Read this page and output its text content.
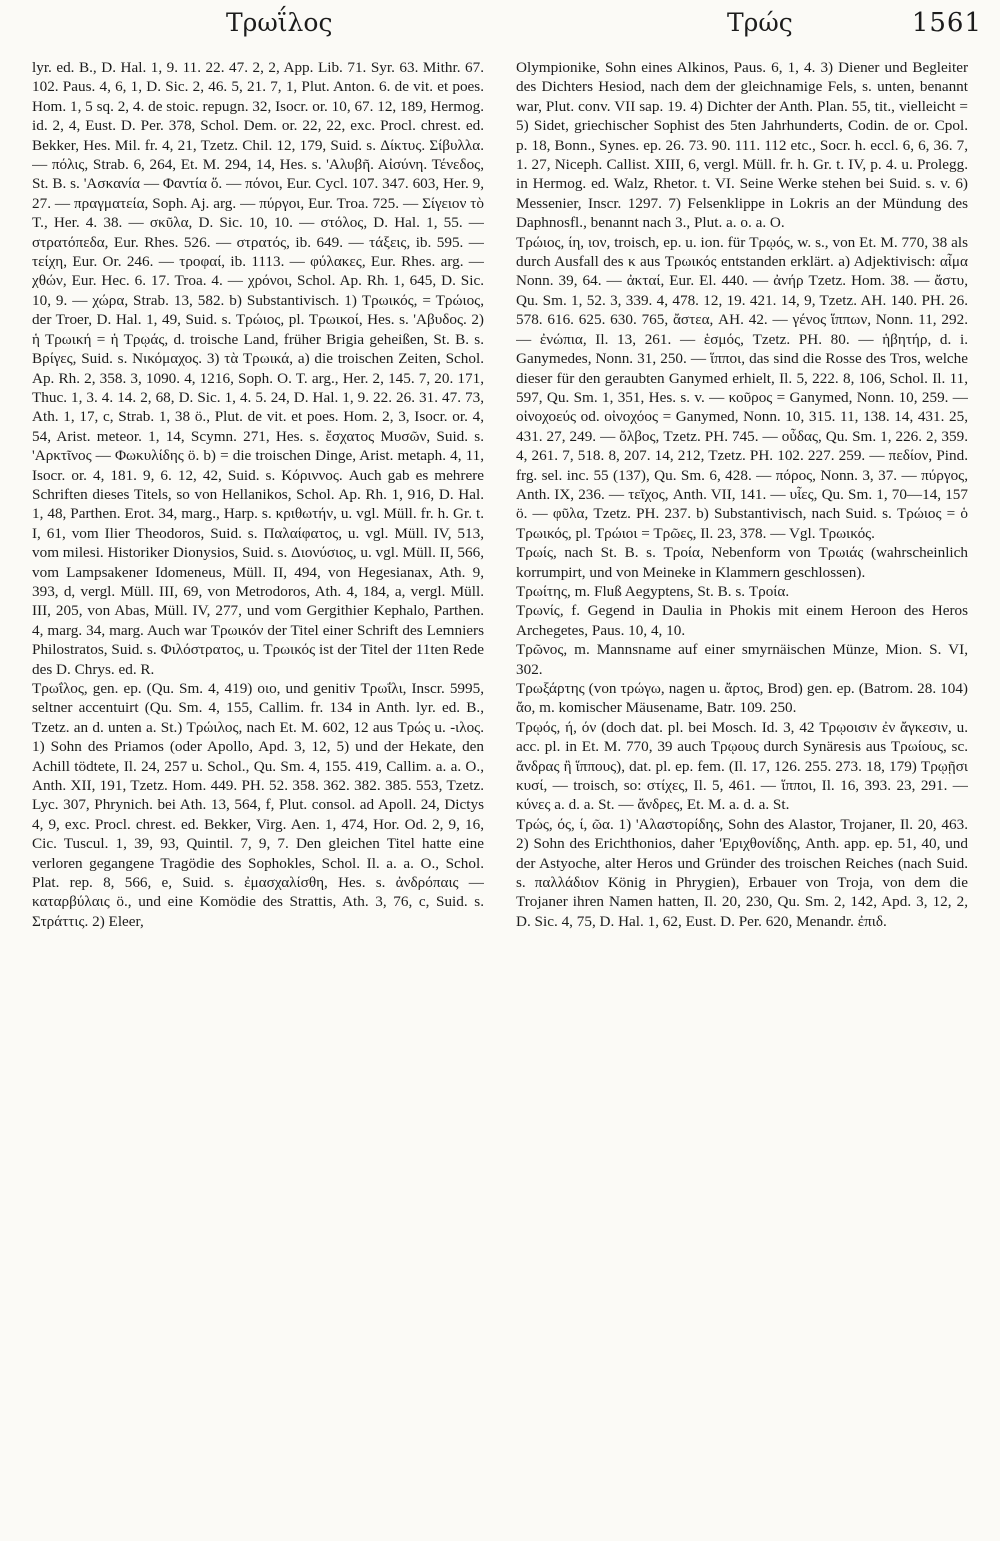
Τρωΐλος	Τρώς	1561

lyr. ed. B., D. Hal. 1, 9. 11. 22. 47. 2, 2, App. Lib. 71. Syr. 63. Mithr. 67. 102. Paus. 4, 6, 1, D. Sic. 2, 46. 5, 21. 7, 1, Plut. Anton. 6. de vit. et poes. Hom. 1, 5 sq. 2, 4. de stoic. repugn. 32, Isocr. or. 10, 67. 12, 189, Hermog. id. 2, 4, Eust. D. Per. 378, Schol. Dem. or. 22, 22, exc. Procl. chrest. ed. Bekker, Hes. Mil. fr. 4, 21, Tzetz. Chil. 12, 179, Suid. s. Δίκτυς. Σίβυλλα. — πόλις, Strab. 6, 264, Et. M. 294, 14, Hes. s. 'Αλυβῆ. Αἰσύνη. Τένεδος, St. B. s. 'Ασκανία — Φαντία ὅ. — πόνοι, Eur. Cycl. 107. 347. 603, Her. 9, 27. — πραγματεία, Soph. Aj. arg. — πύργοι, Eur. Troa. 725. — Σίγειον τὸ Τ., Her. 4. 38. — σκῦλα, D. Sic. 10, 10. — στόλος, D. Hal. 1, 55. — στρατόπεδα, Eur. Rhes. 526. — στρατός, ib. 649. — τάξεις, ib. 595. — τείχη, Eur. Or. 246. — τροφαί, ib. 1113. — φύλακες, Eur. Rhes. arg. — χθών, Eur. Hec. 6. 17. Troa. 4. — χρόνοι, Schol. Ap. Rh. 1, 645, D. Sic. 10, 9. — χώρα, Strab. 13, 582. b) Substantivisch. 1) Τρωικός, = Τρώιος, der Troer, D. Hal. 1, 49, Suid. s. Τρώιος, pl. Τρωικοί, Hes. s. 'Αβυδος. 2) ἡ Τρωική = ἡ Τρῳάς, d. troische Land, früher Brigia geheißen, St. B. s. Βρίγες, Suid. s. Νικόμαχος. 3) τὰ Τρωικά, a) die troischen Zeiten, Schol. Ap. Rh. 2, 358. 3, 1090. 4, 1216, Soph. O. T. arg., Her. 2, 145. 7, 20. 171, Thuc. 1, 3. 4. 14. 2, 68, D. Sic. 1, 4. 5. 24, D. Hal. 1, 9. 22. 26. 31. 47. 73, Ath. 1, 17, c, Strab. 1, 38 ö., Plut. de vit. et poes. Hom. 2, 3, Isocr. or. 4, 54, Arist. meteor. 1, 14, Scymn. 271, Hes. s. ἔσχατος Μυσῶν, Suid. s. 'Αρκτῖνος — Φωκυλίδης ö. b) = die troischen Dinge, Arist. metaph. 4, 11, Isocr. or. 4, 181. 9, 6. 12, 42, Suid. s. Κόριννος. Auch gab es mehrere Schriften dieses Titels, so von Hellanikos, Schol. Ap. Rh. 1, 916, D. Hal. 1, 48, Parthen. Erot. 34, marg., Harp. s. κριθωτήν, u. vgl. Müll. fr. h. Gr. t. I, 61, vom Ilier Theodoros, Suid. s. Παλαίφατος, u. vgl. Müll. IV, 513, vom milesi. Historiker Dionysios, Suid. s. Διονύσιος, u. vgl. Müll. II, 566, vom Lampsakener Idomeneus, Müll. II, 494, von Hegesianax, Ath. 9, 393, d, vergl. Müll. III, 69, von Metrodoros, Ath. 4, 184, a, vergl. Müll. III, 205, von Abas, Müll. IV, 277, und vom Gergithier Kephalo, Parthen. 4, marg. 34, marg. Auch war Τρωικόν der Titel einer Schrift des Lemniers Philostratos, Suid. s. Φιλόστρατος, u. Τρωικός ist der Titel der 11ten Rede des D. Chrys. ed. R.

Τρωΐλος, gen. ep. (Qu. Sm. 4, 419) οιο, und genitiv Τρωΐλι, Inscr. 5995, seltner accentuirt (Qu. Sm. 4, 155, Callim. fr. 134 in Anth. lyr. ed. B., Tzetz. an d. unten a. St.) Τρώιλος, nach Et. M. 602, 12 aus Τρώς u. -ιλος. 1) Sohn des Priamos (oder Apollo, Apd. 3, 12, 5) und der Hekate, den Achill tödtete, Il. 24, 257 u. Schol., Qu. Sm. 4, 155. 419, Callim. a. a. O., Anth. XII, 191, Tzetz. Hom. 449. PH. 52. 358. 362. 382. 385. 553, Tzetz. Lyc. 307, Phrynich. bei Ath. 13, 564, f, Plut. consol. ad Apoll. 24, Dictys 4, 9, exc. Procl. chrest. ed. Bekker, Virg. Aen. 1, 474, Hor. Od. 2, 9, 16, Cic. Tuscul. 1, 39, 93, Quintil. 7, 9, 7. Den gleichen Titel hatte eine verloren gegangene Tragödie des Sophokles, Schol. Il. a. a. O., Schol. Plat. rep. 8, 566, e, Suid. s. ἐμασχαλίσθη, Hes. s. ἀνδρόπαις — καταρβύλαις ö., und eine Komödie des Strattis, Ath. 3, 76, c, Suid. s. Στράττις. 2) Eleer,

Olympionike, Sohn eines Alkinos, Paus. 6, 1, 4. 3) Diener und Begleiter des Dichters Hesiod, nach dem der gleichnamige Fels, s. unten, benannt war, Plut. conv. VII sap. 19. 4) Dichter der Anth. Plan. 55, tit., vielleicht = 5) Sidet, griechischer Sophist des 5ten Jahrhunderts, Codin. de or. Cpol. p. 18, Bonn., Synes. ep. 26. 73. 90. 111. 112 etc., Socr. h. eccl. 6, 6, 36. 7, 1. 27, Niceph. Callist. XIII, 6, vergl. Müll. fr. h. Gr. t. IV, p. 4. u. Prolegg. in Hermog. ed. Walz, Rhetor. t. VI. Seine Werke stehen bei Suid. s. v. 6) Messenier, Inscr. 1297. 7) Felsenklippe in Lokris an der Mündung des Daphnosfl., benannt nach 3., Plut. a. o. a. O.

Τρώιος, ίη, ιον, troisch, ep. u. ion. für Τρῳός, w. s., von Et. M. 770, 38 als durch Ausfall des κ aus Τρωικός entstanden erklärt. a) Adjektivisch: αἷμα Nonn. 39, 64. — ἀκταί, Eur. El. 440. — ἀνήρ Tzetz. Hom. 38. — ἄστυ, Qu. Sm. 1, 52. 3, 339. 4, 478. 12, 19. 421. 14, 9, Tzetz. AH. 140. PH. 26. 578. 616. 625. 630. 765, ἄστεα, AH. 42. — γένος ἵππων, Nonn. 11, 292. — ἐνώπια, Il. 13, 261. — ἑσμός, Tzetz. PH. 80. — ἡβητήρ, d. i. Ganymedes, Nonn. 31, 250. — ἵπποι, das sind die Rosse des Tros, welche dieser für den geraubten Ganymed erhielt, Il. 5, 222. 8, 106, Schol. Il. 11, 597, Qu. Sm. 1, 351, Hes. s. v. — κοῦρος = Ganymed, Nonn. 10, 259. — οἰνοχοεύς od. οἰνοχόος = Ganymed, Nonn. 10, 315. 11, 138. 14, 431. 25, 431. 27, 249. — ὄλβος, Tzetz. PH. 745. — οὖδας, Qu. Sm. 1, 226. 2, 359. 4, 261. 7, 518. 8, 207. 14, 212, Tzetz. PH. 102. 227. 259. — πεδίον, Pind. frg. sel. inc. 55 (137), Qu. Sm. 6, 428. — πόρος, Nonn. 3, 37. — πύργος, Anth. IX, 236. — τεῖχος, Anth. VII, 141. — υἷες, Qu. Sm. 1, 70—14, 157 ö. — φῦλα, Tzetz. PH. 237. b) Substantivisch, nach Suid. s. Τρώιος = ὁ Τρωικός, pl. Τρώιοι = Τρῶες, Il. 23, 378. — Vgl. Τρωικός.

Τρωίς, nach St. B. s. Τροία, Nebenform von Τρωιάς (wahrscheinlich korrumpirt, und von Meineke in Klammern geschlossen).

Τρωίτης, m. Fluß Aegyptens, St. B. s. Τροία.

Τρωνίς, f. Gegend in Daulia in Phokis mit einem Heroon des Heros Archegetes, Paus. 10, 4, 10.

Τρῶνος, m. Mannsname auf einer smyrnäischen Münze, Mion. S. VI, 302.

Τρωξάρτης (von τρώγω, nagen u. ἄρτος, Brod) gen. ep. (Batrom. 28. 104) ἄο, m. komischer Mäusename, Batr. 109. 250.

Τρῳός, ή, όν (doch dat. pl. bei Mosch. Id. 3, 42 Τρῳοισιν ἐν ἄγκεσιν, u. acc. pl. in Et. M. 770, 39 auch Τρῳους durch Synäresis aus Τρωίους, sc. ἄνδρας ἢ ἵππους), dat. pl. ep. fem. (Il. 17, 126. 255. 273. 18, 179) Τρῳῇσι κυσί, — troisch, so: στίχες, Il. 5, 461. — ἵπποι, Il. 16, 393. 23, 291. — κύνες a. d. a. St. — ἄνδρες, Et. M. a. d. a. St.

Τρώς, ός, ί, ῶα. 1) 'Αλαστορίδης, Sohn des Alastor, Trojaner, Il. 20, 463. 2) Sohn des Erichthonios, daher 'Εριχθονίδης, Anth. app. ep. 51, 40, und der Astyoche, alter Heros und Gründer des troischen Reiches (nach Suid. s. παλλάδιον König in Phrygien), Erbauer von Troja, von dem die Trojaner ihren Namen hatten, Il. 20, 230, Qu. Sm. 2, 142, Apd. 3, 12, 2, D. Sic. 4, 75, D. Hal. 1, 62, Eust. D. Per. 620, Menandr. ἐπιδ.
